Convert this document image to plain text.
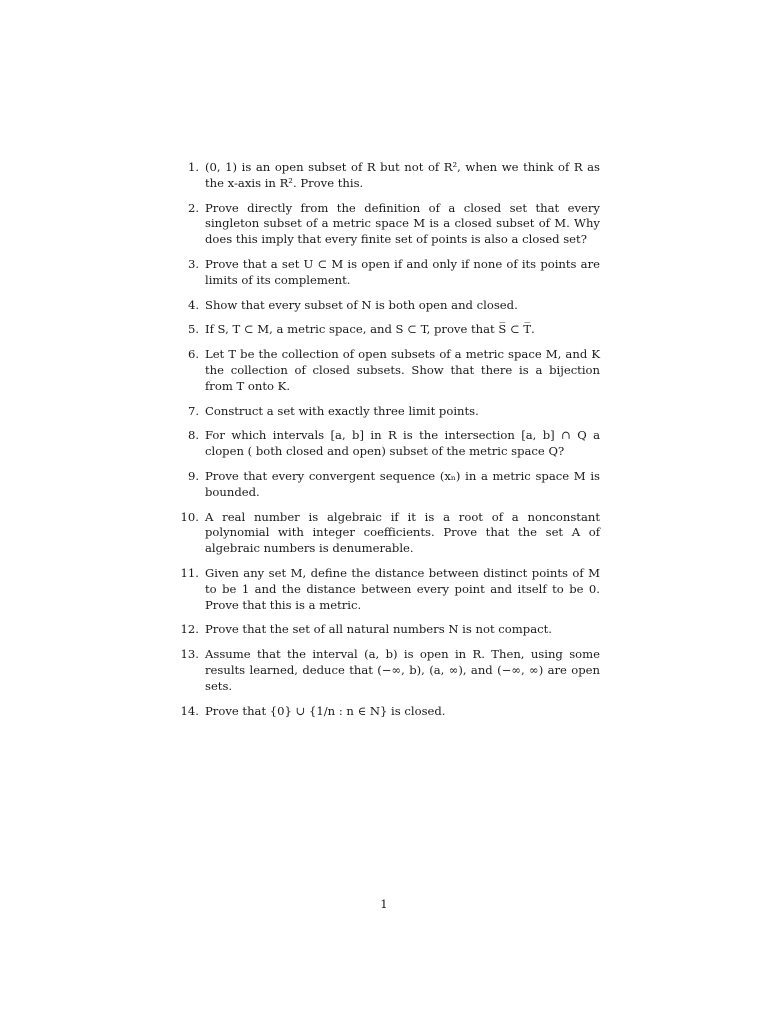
1. (0, 1) is an open subset of R but not of R², when we think of R as the x-axis in R². Prove this.
2. Prove directly from the definition of a closed set that every singleton subset of a metric space M is a closed subset of M. Why does this imply that every finite set of points is also a closed set?
3. Prove that a set U ⊂ M is open if and only if none of its points are limits of its complement.
4. Show that every subset of N is both open and closed.
5. If S, T ⊂ M, a metric space, and S ⊂ T, prove that S̅ ⊂ T̅.
6. Let T be the collection of open subsets of a metric space M, and K the collection of closed subsets. Show that there is a bijection from T onto K.
7. Construct a set with exactly three limit points.
8. For which intervals [a, b] in R is the intersection [a, b] ∩ Q a clopen ( both closed and open) subset of the metric space Q?
9. Prove that every convergent sequence (xₙ) in a metric space M is bounded.
10. A real number is algebraic if it is a root of a nonconstant polynomial with integer coefficients. Prove that the set A of algebraic numbers is denumerable.
11. Given any set M, define the distance between distinct points of M to be 1 and the distance between every point and itself to be 0. Prove that this is a metric.
12. Prove that the set of all natural numbers N is not compact.
13. Assume that the interval (a, b) is open in R. Then, using some results learned, deduce that (−∞, b), (a, ∞), and (−∞, ∞) are open sets.
14. Prove that {0} ∪ {1/n : n ∈ N} is closed.
1
